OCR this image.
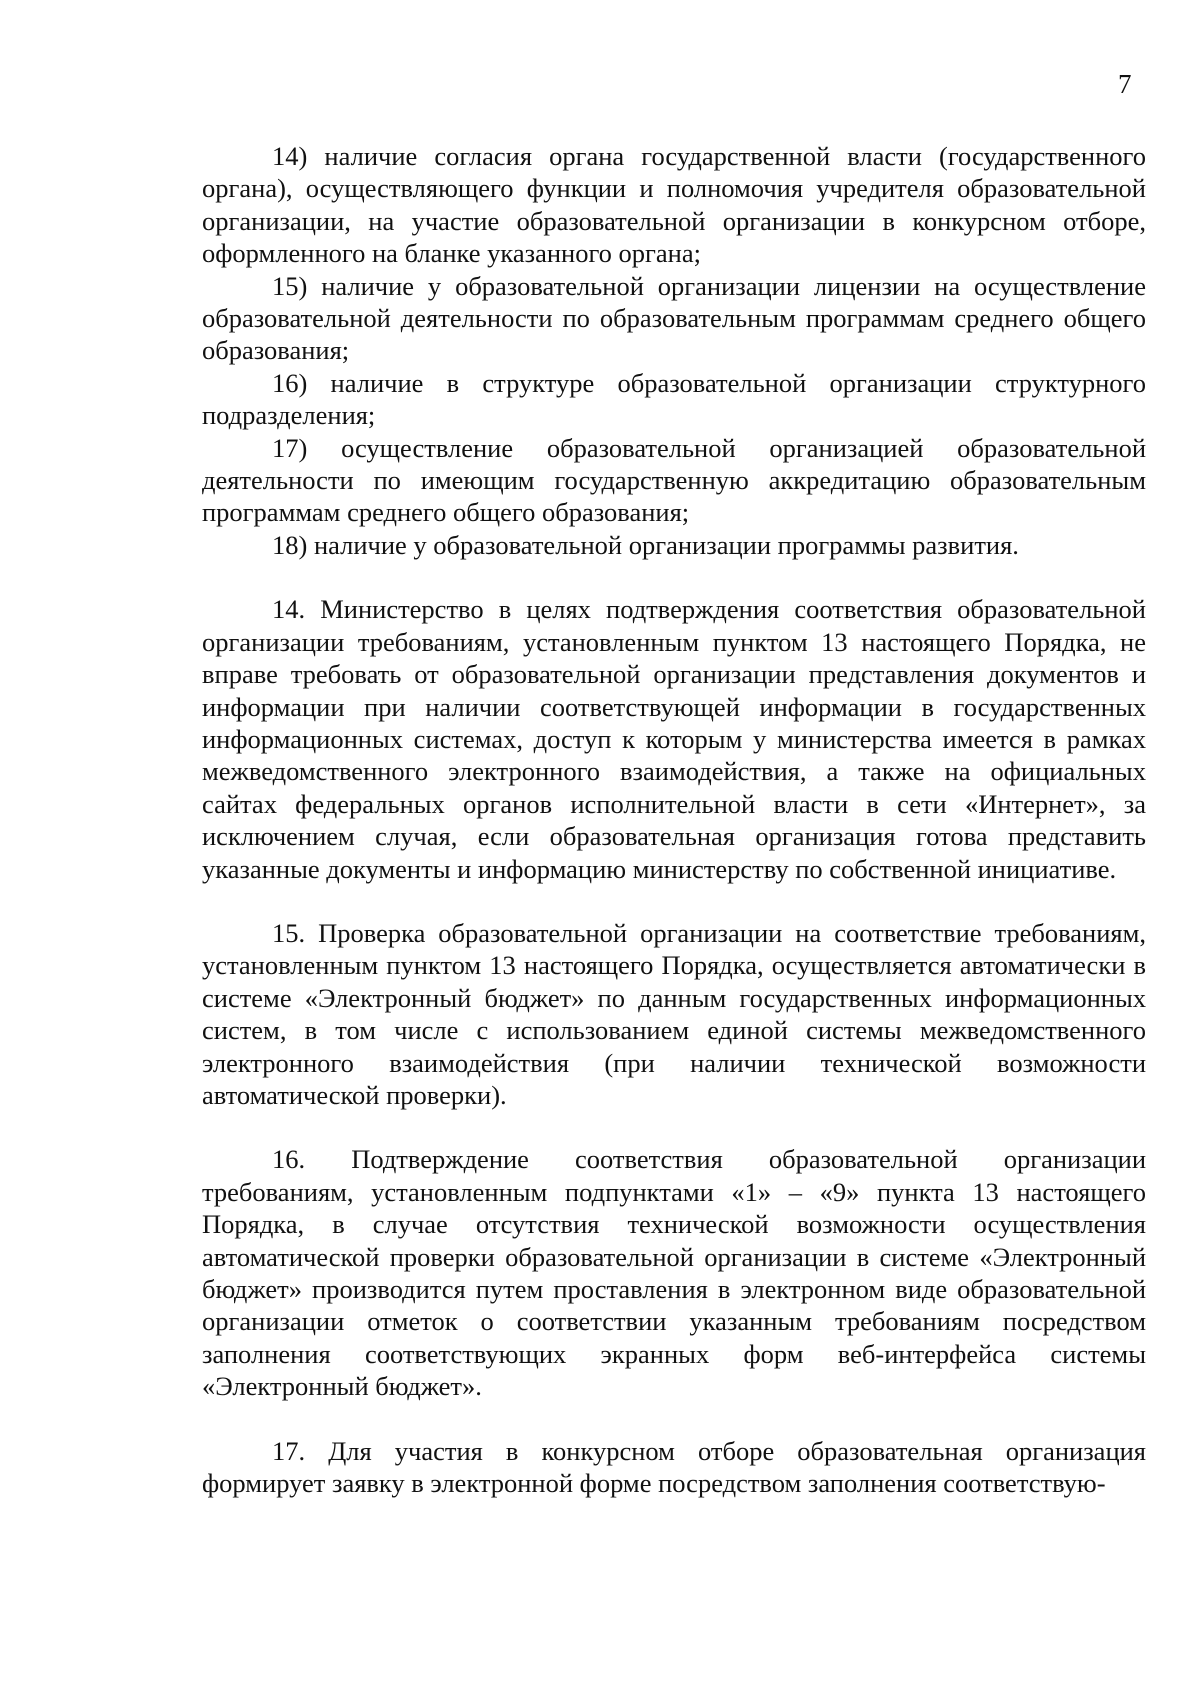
7

14) наличие согласия органа государственной власти (государственного органа), осуществляющего функции и полномочия учредителя образовательной организации, на участие образовательной организации в конкурсном отборе, оформленного на бланке указанного органа;

15) наличие у образовательной организации лицензии на осуществление образовательной деятельности по образовательным программам среднего общего образования;

16) наличие в структуре образовательной организации структурного подразделения;

17) осуществление образовательной организацией образовательной деятельности по имеющим государственную аккредитацию образовательным программам среднего общего образования;

18) наличие у образовательной организации программы развития.

14. Министерство в целях подтверждения соответствия образовательной организации требованиям, установленным пунктом 13 настоящего Порядка, не вправе требовать от образовательной организации представления документов и информации при наличии соответствующей информации в государственных информационных системах, доступ к которым у министерства имеется в рамках межведомственного электронного взаимодействия, а также на официальных сайтах федеральных органов исполнительной власти в сети «Интернет», за исключением случая, если образовательная организация готова представить указанные документы и информацию министерству по собственной инициативе.

15. Проверка образовательной организации на соответствие требованиям, установленным пунктом 13 настоящего Порядка, осуществляется автоматически в системе «Электронный бюджет» по данным государственных информационных систем, в том числе с использованием единой системы межведомственного электронного взаимодействия (при наличии технической возможности автоматической проверки).

16. Подтверждение соответствия образовательной организации требованиям, установленным подпунктами «1» – «9» пункта 13 настоящего Порядка, в случае отсутствия технической возможности осуществления автоматической проверки образовательной организации в системе «Электронный бюджет» производится путем проставления в электронном виде образовательной организации отметок о соответствии указанным требованиям посредством заполнения соответствующих экранных форм веб-интерфейса системы «Электронный бюджет».

17. Для участия в конкурсном отборе образовательная организация формирует заявку в электронной форме посредством заполнения соответствую-
